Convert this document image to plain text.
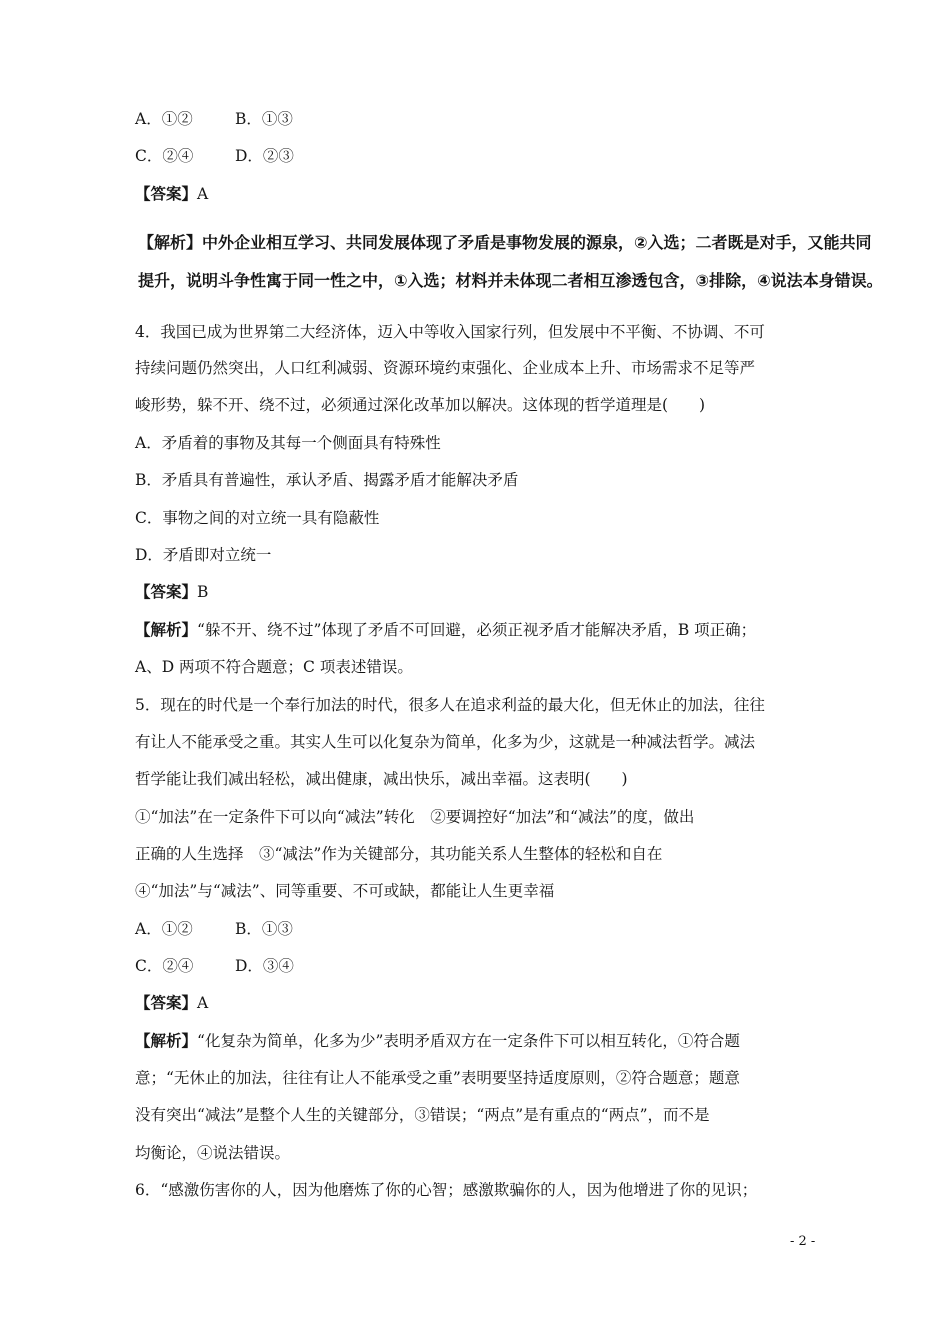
A．①②	B．①③
C．②④	D．②③
【答案】A
【解析】中外企业相互学习、共同发展体现了矛盾是事物发展的源泉，②入选；二者既是对手，又能共同
提升，说明斗争性寓于同一性之中，①入选；材料并未体现二者相互渗透包含，③排除，④说法本身错误。
4．我国已成为世界第二大经济体，迈入中等收入国家行列，但发展中不平衡、不协调、不可
持续问题仍然突出，人口红利减弱、资源环境约束强化、企业成本上升、市场需求不足等严
峻形势，躲不开、绕不过，必须通过深化改革加以解决。这体现的哲学道理是(　　)
A．矛盾着的事物及其每一个侧面具有特殊性
B．矛盾具有普遍性，承认矛盾、揭露矛盾才能解决矛盾
C．事物之间的对立统一具有隐蔽性
D．矛盾即对立统一
【答案】B
【解析】“躲不开、绕不过”体现了矛盾不可回避，必须正视矛盾才能解决矛盾，B 项正确；
A、D 两项不符合题意；C 项表述错误。
5．现在的时代是一个奉行加法的时代，很多人在追求利益的最大化，但无休止的加法，往往
有让人不能承受之重。其实人生可以化复杂为简单，化多为少，这就是一种减法哲学。减法
哲学能让我们减出轻松，减出健康，减出快乐，减出幸福。这表明(　　)
①“加法”在一定条件下可以向“减法”转化　②要调控好“加法”和“减法”的度，做出
正确的人生选择　③“减法”作为关键部分，其功能关系人生整体的轻松和自在
④“加法”与“减法”、同等重要、不可或缺，都能让人生更幸福
A．①②	B．①③
C．②④	D．③④
【答案】A
【解析】“化复杂为简单，化多为少”表明矛盾双方在一定条件下可以相互转化，①符合题
意；“无休止的加法，往往有让人不能承受之重”表明要坚持适度原则，②符合题意；题意
没有突出“减法”是整个人生的关键部分，③错误；“两点”是有重点的“两点”，而不是
均衡论，④说法错误。
6．“感激伤害你的人，因为他磨炼了你的心智；感激欺骗你的人，因为他增进了你的见识；
- 2 -
